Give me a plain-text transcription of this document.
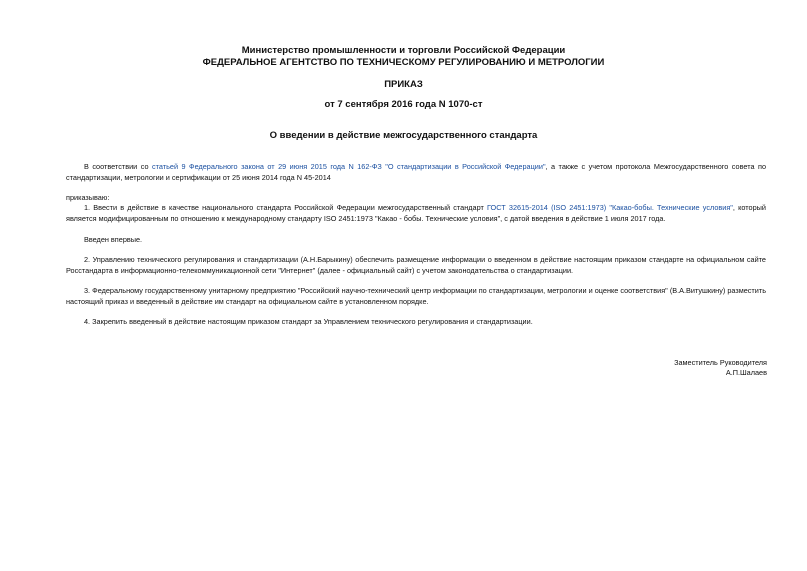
Министерство промышленности и торговли Российской Федерации
ФЕДЕРАЛЬНОЕ АГЕНТСТВО ПО ТЕХНИЧЕСКОМУ РЕГУЛИРОВАНИЮ И МЕТРОЛОГИИ
ПРИКАЗ
от 7 сентября 2016 года N 1070-ст
О введении в действие межгосударственного стандарта
В соответствии со статьей 9 Федерального закона от 29 июня 2015 года N 162-ФЗ "О стандартизации в Российской Федерации", а также с учетом протокола Межгосударственного совета по стандартизации, метрологии и сертификации от 25 июня 2014 года N 45-2014
приказываю:
1. Ввести в действие в качестве национального стандарта Российской Федерации межгосударственный стандарт ГОСТ 32615-2014 (ISO 2451:1973) "Какао-бобы. Технические условия", который является модифицированным по отношению к международному стандарту ISO 2451:1973 "Какао - бобы. Технические условия", с датой введения в действие 1 июля 2017 года.
Введен впервые.
2. Управлению технического регулирования и стандартизации (А.Н.Барыкину) обеспечить размещение информации о введенном в действие настоящим приказом стандарте на официальном сайте Росстандарта в информационно-телекоммуникационной сети "Интернет" (далее - официальный сайт) с учетом законодательства о стандартизации.
3. Федеральному государственному унитарному предприятию "Российский научно-технический центр информации по стандартизации, метрологии и оценке соответствия" (В.А.Витушкину) разместить настоящий приказ и введенный в действие им стандарт на официальном сайте в установленном порядке.
4. Закрепить введенный в действие настоящим приказом стандарт за Управлением технического регулирования и стандартизации.
Заместитель Руководителя
А.П.Шалаев
